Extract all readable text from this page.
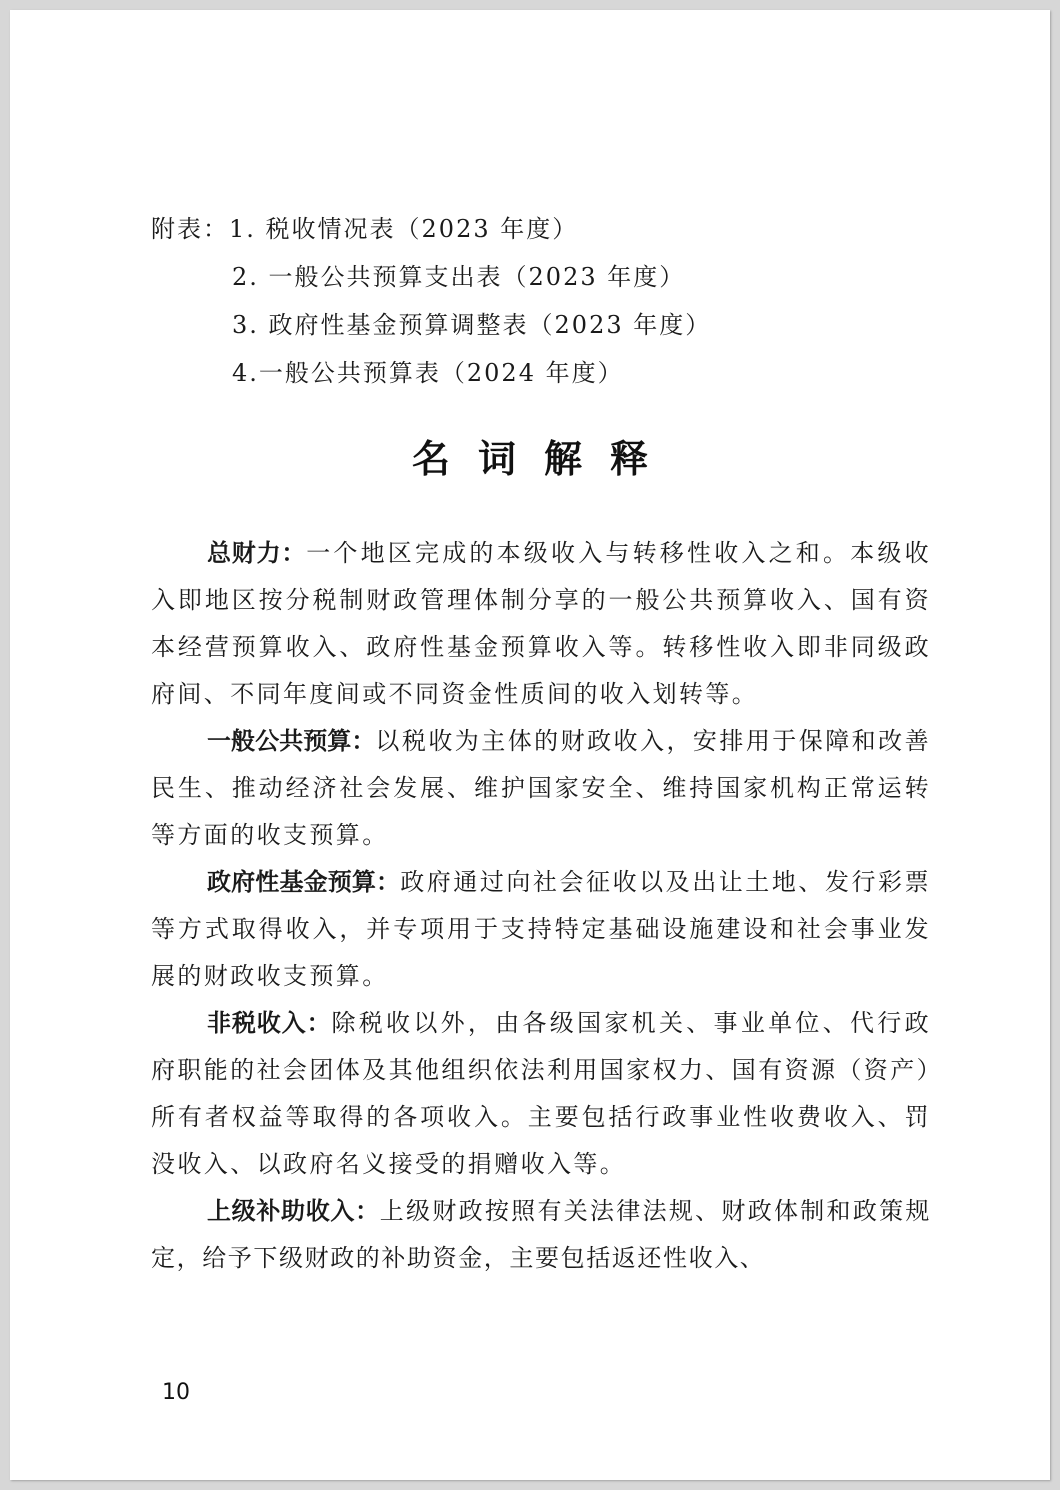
附表：1. 税收情况表（2023 年度）
2. 一般公共预算支出表（2023 年度）
3. 政府性基金预算调整表（2023 年度）
4.一般公共预算表（2024 年度）
名词解释

总财力：一个地区完成的本级收入与转移性收入之和。本级收入即地区按分税制财政管理体制分享的一般公共预算收入、国有资本经营预算收入、政府性基金预算收入等。转移性收入即非同级政府间、不同年度间或不同资金性质间的收入划转等。

一般公共预算：以税收为主体的财政收入，安排用于保障和改善民生、推动经济社会发展、维护国家安全、维持国家机构正常运转等方面的收支预算。

政府性基金预算：政府通过向社会征收以及出让土地、发行彩票等方式取得收入，并专项用于支持特定基础设施建设和社会事业发展的财政收支预算。

非税收入：除税收以外，由各级国家机关、事业单位、代行政府职能的社会团体及其他组织依法利用国家权力、国有资源（资产）所有者权益等取得的各项收入。主要包括行政事业性收费收入、罚没收入、以政府名义接受的捐赠收入等。

上级补助收入：上级财政按照有关法律法规、财政体制和政策规定，给予下级财政的补助资金，主要包括返还性收入、

10
